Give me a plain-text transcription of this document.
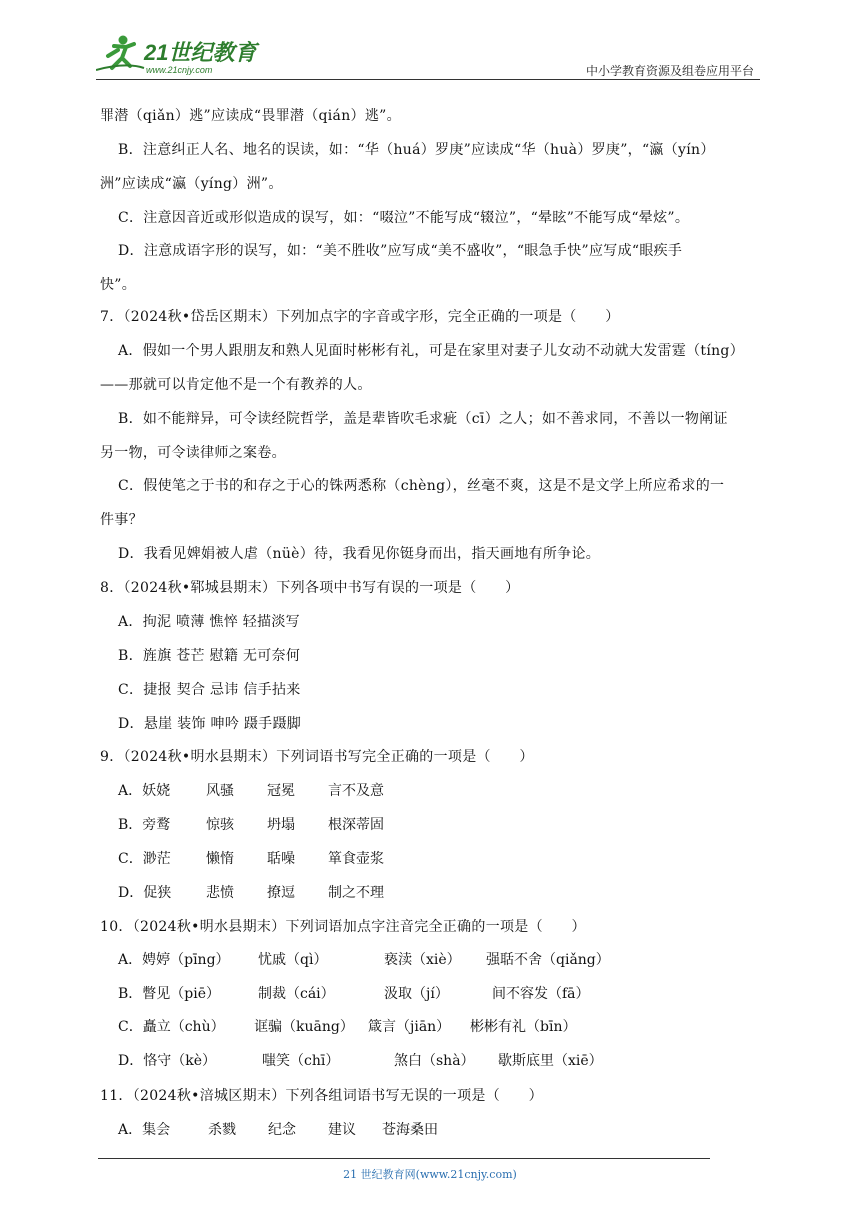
21世纪教育
www.21cnjy.com	中小学教育资源及组卷应用平台
罪潜（qiǎn）逃”应读成“畏罪潜（qián）逃”。
B．注意纠正人名、地名的误读，如：“华（huá）罗庚”应读成“华（huà）罗庚”，“瀛（yín）
洲”应读成“瀛（yíng）洲”。
C．注意因音近或形似造成的误写，如：“啜泣”不能写成“辍泣”，“晕眩”不能写成“晕炫”。
D．注意成语字形的误写，如：“美不胜收”应写成“美不盛收”，“眼急手快”应写成“眼疾手
快”。
7．（2024秋•岱岳区期末）下列加点字的字音或字形，完全正确的一项是（　　）
A．假如一个男人跟朋友和熟人见面时彬彬有礼，可是在家里对妻子儿女动不动就大发雷霆（tíng）
——那就可以肯定他不是一个有教养的人。
B．如不能辩异，可令读经院哲学，盖是辈皆吹毛求疵（cī）之人；如不善求同，不善以一物阐证
另一物，可令读律师之案卷。
C．假使笔之于书的和存之于心的铢两悉称（chèng），丝毫不爽，这是不是文学上所应希求的一
件事？
D．我看见婢娟被人虐（nüè）待，我看见你铤身而出，指天画地有所争论。
8．（2024秋•郓城县期末）下列各项中书写有误的一项是（　　）
A．拘泥 喷薄 憔悴 轻描淡写
B．旌旗 苍芒 慰籍 无可奈何
C．捷报 契合 忌讳 信手拈来
D．悬崖 装饰 呻吟 蹑手蹑脚
9．（2024秋•明水县期末）下列词语书写完全正确的一项是（　　）
A．妖娆	风骚 冠冕 言不及意
B．旁鹜	惊骇 坍塌 根深蒂固
C．渺茫	懒惰 聒噪 箪食壶浆
D．促狭 悲愤 撩逗 制之不理
10．（2024秋•明水县期末）下列词语加点字注音完全正确的一项是（　　）
A．娉婷（pīng） 忧戚（qì）	亵渎（xiè） 强聒不舍（qiǎng）
B．瞥见（piē）	制裁（cái）	汲取（jí）	间不容发（fā）
C．矗立（chù） 诓骗（kuāng） 箴言（jiān） 彬彬有礼（bīn）
D．恪守（kè）	嗤笑（chī）	煞白（shà） 歇斯底里（xiē）
11．（2024秋•涪城区期末）下列各组词语书写无误的一项是（　　）
A．集会	杀戮 纪念 建议 苍海桑田
21 世纪教育网(www.21cnjy.com)
